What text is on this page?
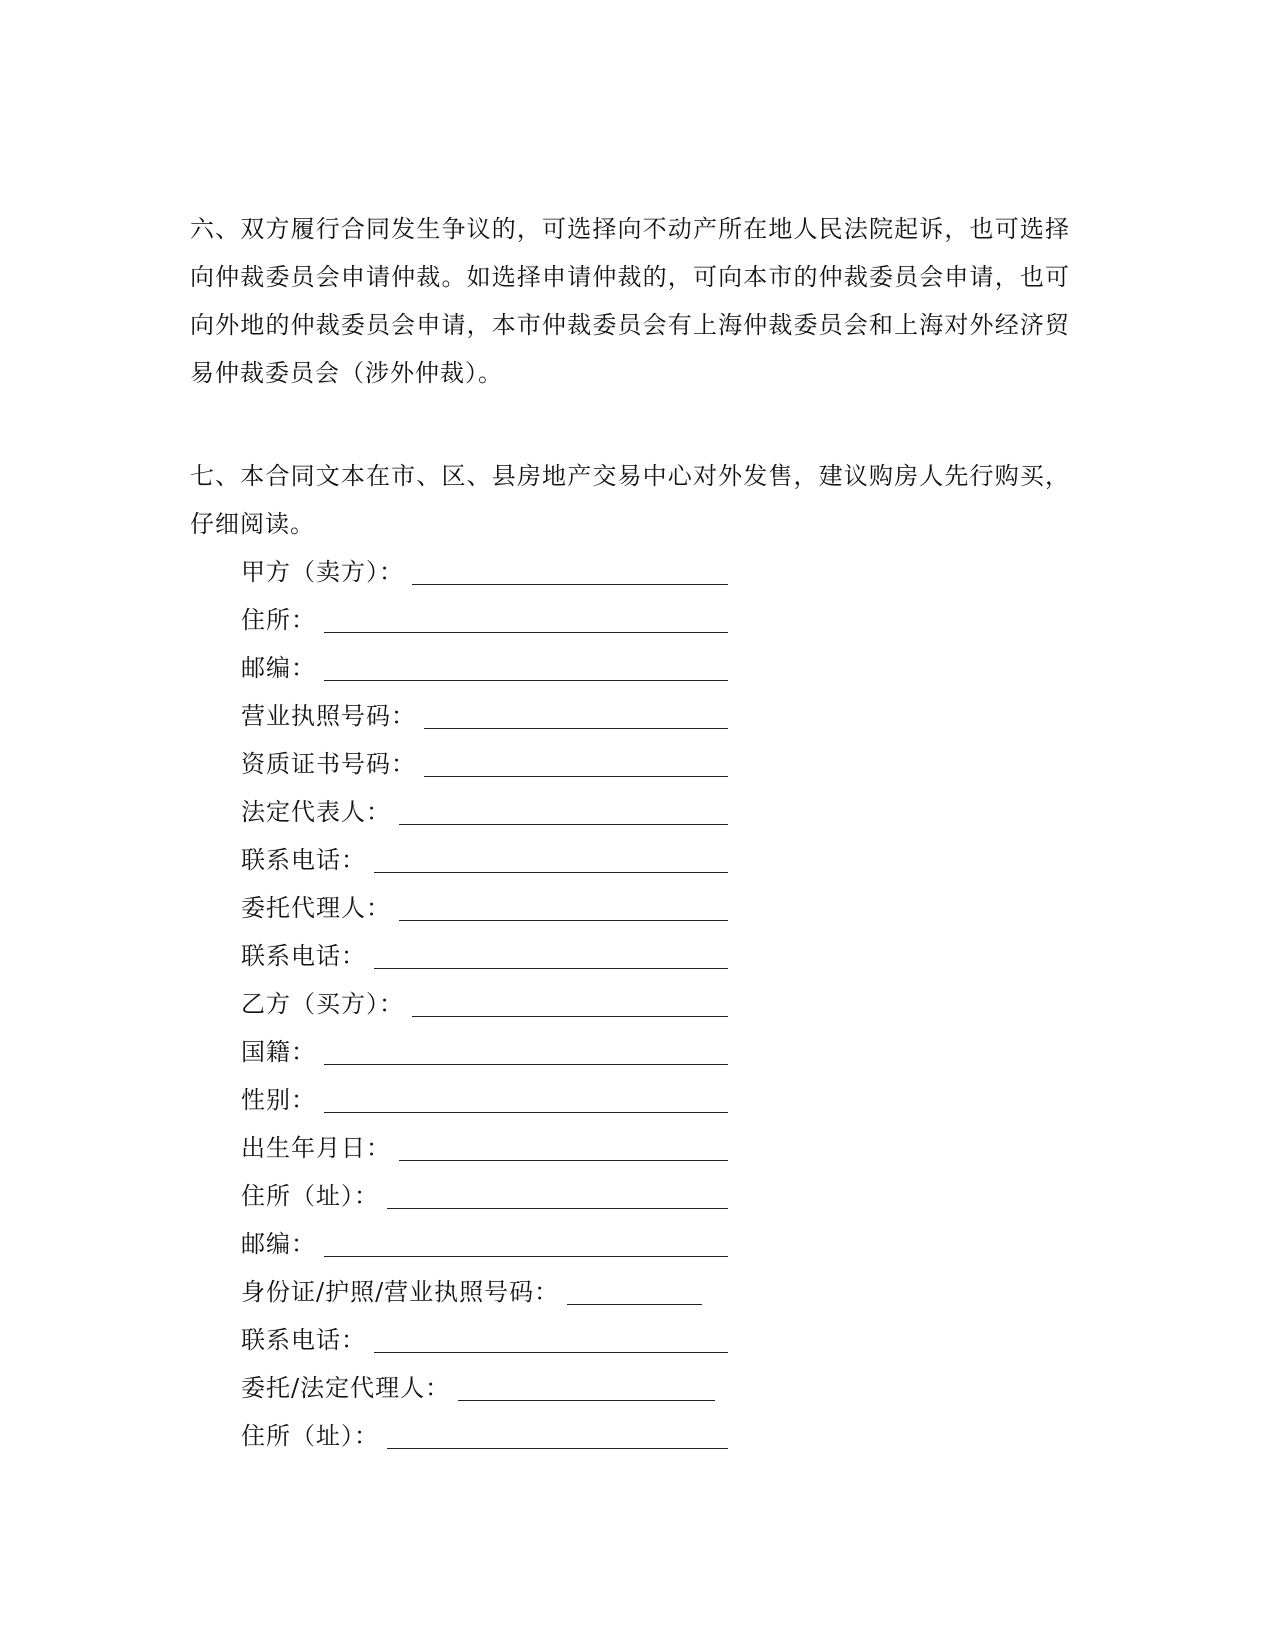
六、双方履行合同发生争议的，可选择向不动产所在地人民法院起诉，也可选择向仲裁委员会申请仲裁。如选择申请仲裁的，可向本市的仲裁委员会申请，也可向外地的仲裁委员会申请，本市仲裁委员会有上海仲裁委员会和上海对外经济贸易仲裁委员会（涉外仲裁）。

七、本合同文本在市、区、县房地产交易中心对外发售，建议购房人先行购买，仔细阅读。

甲方（卖方）：
住所：
邮编：
营业执照号码：
资质证书号码：
法定代表人：
联系电话：
委托代理人：
联系电话：
乙方（买方）：
国籍：
性别：
出生年月日：
住所（址）：
邮编：
身份证/护照/营业执照号码：
联系电话：
委托/法定代理人：
住所（址）：
